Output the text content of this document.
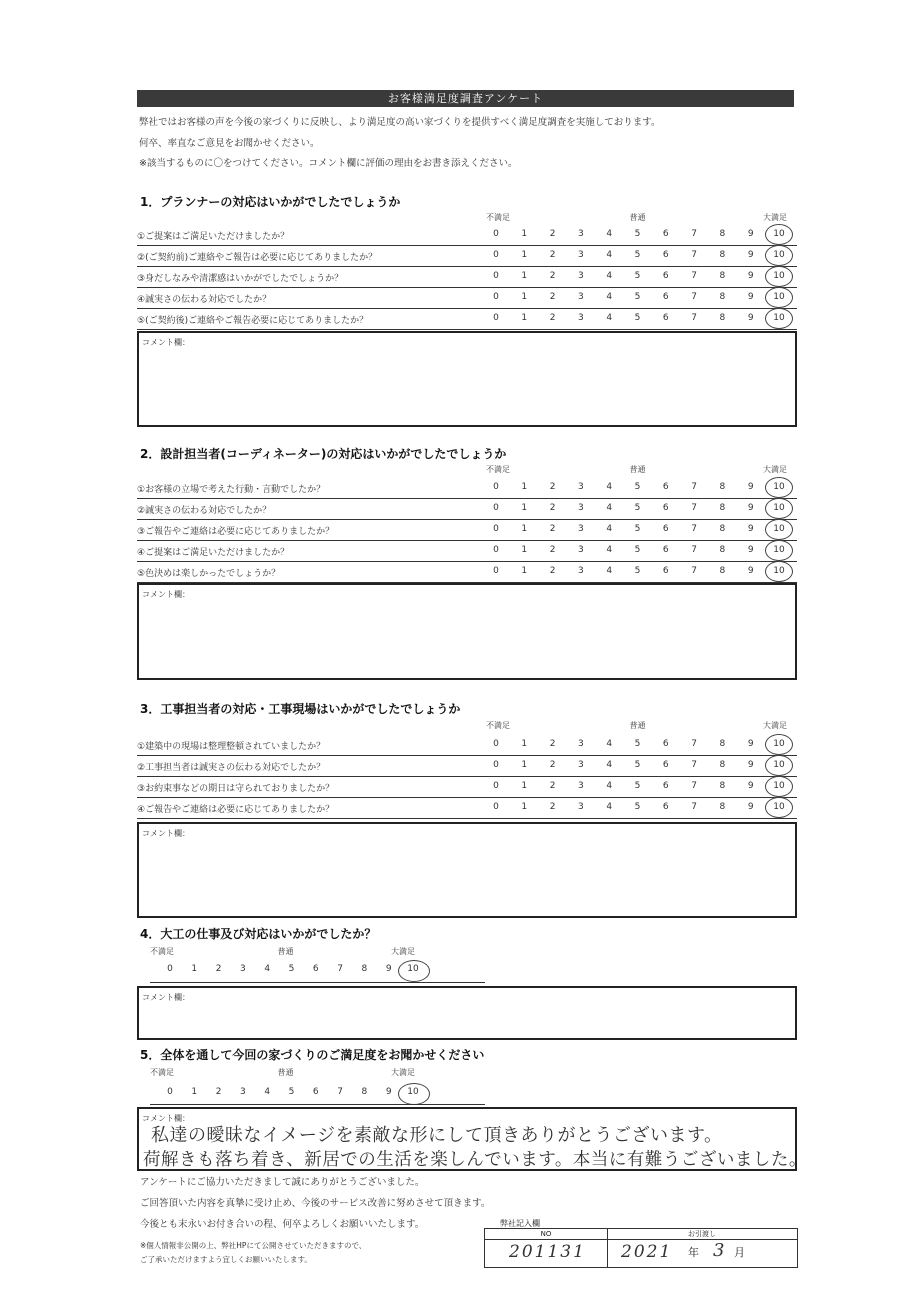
お客様満足度調査アンケート
弊社ではお客様の声を今後の家づくりに反映し、より満足度の高い家づくりを提供すべく満足度調査を実施しております。
何卒、率直なご意見をお聞かせください。
※該当するものに〇をつけてください。コメント欄に評価の理由をお書き添えください。
1．プランナーの対応はいかがでしたでしょうか
不満足	普通	大満足
①ご提案はご満足いただけましたか？	0	1	2	3	4	5	6	7	8	9	10
②(ご契約前)ご連絡やご報告は必要に応じてありましたか？	0	1	2	3	4	5	6	7	8	9	10
③身だしなみや清潔感はいかがでしたでしょうか？	0	1	2	3	4	5	6	7	8	9	10
④誠実さの伝わる対応でしたか？	0	1	2	3	4	5	6	7	8	9	10
⑤(ご契約後)ご連絡やご報告必要に応じてありましたか？	0	1	2	3	4	5	6	7	8	9	10
コメント欄：
2．設計担当者(コーディネーター)の対応はいかがでしたでしょうか
不満足	普通	大満足
①お客様の立場で考えた行動・言動でしたか？	0	1	2	3	4	5	6	7	8	9	10
②誠実さの伝わる対応でしたか？	0	1	2	3	4	5	6	7	8	9	10
③ご報告やご連絡は必要に応じてありましたか？	0	1	2	3	4	5	6	7	8	9	10
④ご提案はご満足いただけましたか？	0	1	2	3	4	5	6	7	8	9	10
⑤色決めは楽しかったでしょうか？	0	1	2	3	4	5	6	7	8	9	10
コメント欄：
3．工事担当者の対応・工事現場はいかがでしたでしょうか
不満足	普通	大満足
①建築中の現場は整理整頓されていましたか？	0	1	2	3	4	5	6	7	8	9	10
②工事担当者は誠実さの伝わる対応でしたか？	0	1	2	3	4	5	6	7	8	9	10
③お約束事などの期日は守られておりましたか？	0	1	2	3	4	5	6	7	8	9	10
④ご報告やご連絡は必要に応じてありましたか？	0	1	2	3	4	5	6	7	8	9	10
コメント欄：
4．大工の仕事及び対応はいかがでしたか？
不満足	普通	大満足
0	1	2	3	4	5	6	7	8	9	10
コメント欄：
5．全体を通して今回の家づくりのご満足度をお聞かせください
不満足	普通	大満足
0	1	2	3	4	5	6	7	8	9	10
コメント欄：
私達の曖昧なイメージを素敵な形にして頂きありがとうございます。
荷解きも落ち着き、新居での生活を楽しんでいます。本当に有難うございました。
アンケートにご協力いただきまして誠にありがとうございました。
ご回答頂いた内容を真摯に受け止め、今後のサービス改善に努めさせて頂きます。
今後とも末永いお付き合いの程、何卒よろしくお願いいたします。
※個人情報非公開の上、弊社HPにて公開させていただきますので、
ご了承いただけますよう宜しくお願いいたします。
弊社記入欄
NO	お引渡し
201131 2021 年 3 月
